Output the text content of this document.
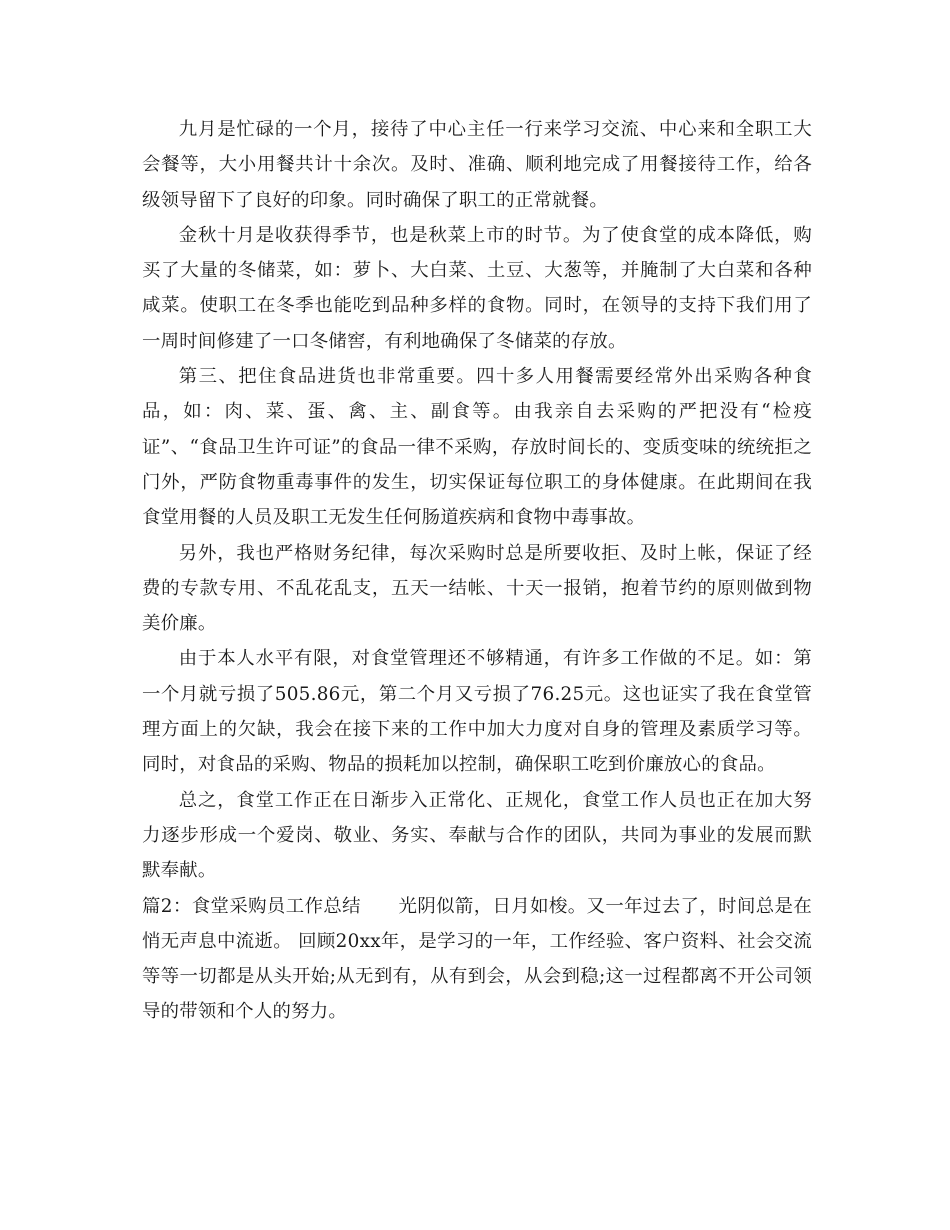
九月是忙碌的一个月，接待了中心主任一行来学习交流、中心来和全职工大会餐等，大小用餐共计十余次。及时、准确、顺利地完成了用餐接待工作，给各级领导留下了良好的印象。同时确保了职工的正常就餐。

金秋十月是收获得季节，也是秋菜上市的时节。为了使食堂的成本降低，购买了大量的冬储菜，如：萝卜、大白菜、土豆、大葱等，并腌制了大白菜和各种咸菜。使职工在冬季也能吃到品种多样的食物。同时，在领导的支持下我们用了一周时间修建了一口冬储窖，有利地确保了冬储菜的存放。

第三、把住食品进货也非常重要。四十多人用餐需要经常外出采购各种食品，如：肉、菜、蛋、禽、主、副食等。由我亲自去采购的严把没有“检疫证”、“食品卫生许可证”的食品一律不采购，存放时间长的、变质变味的统统拒之门外，严防食物重毒事件的发生，切实保证每位职工的身体健康。在此期间在我食堂用餐的人员及职工无发生任何肠道疾病和食物中毒事故。

另外，我也严格财务纪律，每次采购时总是所要收拒、及时上帐，保证了经费的专款专用、不乱花乱支，五天一结帐、十天一报销，抱着节约的原则做到物美价廉。

由于本人水平有限，对食堂管理还不够精通，有许多工作做的不足。如：第一个月就亏损了505.86元，第二个月又亏损了76.25元。这也证实了我在食堂管理方面上的欠缺，我会在接下来的工作中加大力度对自身的管理及素质学习等。同时，对食品的采购、物品的损耗加以控制，确保职工吃到价廉放心的食品。

总之，食堂工作正在日渐步入正常化、正规化，食堂工作人员也正在加大努力逐步形成一个爱岗、敬业、务实、奉献与合作的团队，共同为事业的发展而默默奉献。

篇2：食堂采购员工作总结　　光阴似箭，日月如梭。又一年过去了，时间总是在悄无声息中流逝。 回顾20xx年，是学习的一年，工作经验、客户资料、社会交流等等一切都是从头开始;从无到有，从有到会，从会到稳;这一过程都离不开公司领导的带领和个人的努力。
